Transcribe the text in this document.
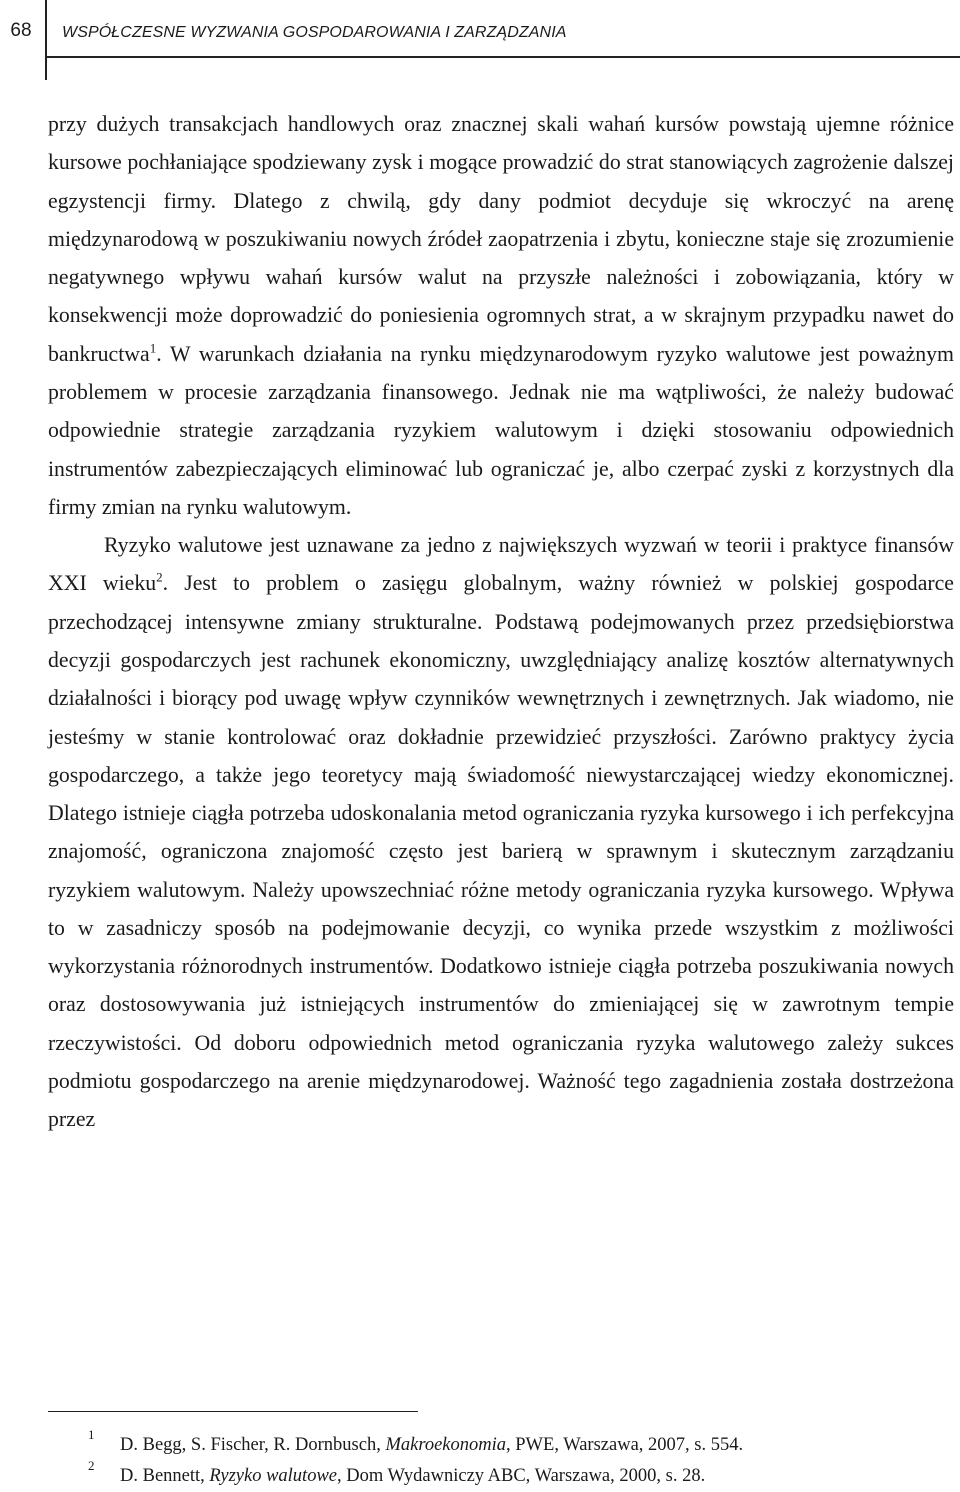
68	WSPÓŁCZESNE WYZWANIA GOSPODAROWANIA I ZARZĄDZANIA

przy dużych transakcjach handlowych oraz znacznej skali wahań kursów powstają ujemne różnice kursowe pochłaniające spodziewany zysk i mogące prowadzić do strat stanowiących zagrożenie dalszej egzystencji firmy. Dlatego z chwilą, gdy dany podmiot decyduje się wkroczyć na arenę międzynarodową w poszukiwaniu nowych źródeł zaopatrzenia i zbytu, konieczne staje się zrozumienie negatywnego wpływu wahań kursów walut na przyszłe należności i zobowiązania, który w konsekwencji może doprowadzić do poniesienia ogromnych strat, a w skrajnym przypadku nawet do bankructwa$^1$. W warunkach działania na rynku międzynarodowym ryzyko walutowe jest poważnym problemem w procesie zarządzania finansowego. Jednak nie ma wątpliwości, że należy budować odpowiednie strategie zarządzania ryzykiem walutowym i dzięki stosowaniu odpowiednich instrumentów zabezpieczających eliminować lub ograniczać je, albo czerpać zyski z korzystnych dla firmy zmian na rynku walutowym.

Ryzyko walutowe jest uznawane za jedno z największych wyzwań w teorii i praktyce finansów XXI wieku$^2$. Jest to problem o zasięgu globalnym, ważny również w polskiej gospodarce przechodzącej intensywne zmiany strukturalne. Podstawą podejmowanych przez przedsiębiorstwa decyzji gospodarczych jest rachunek ekonomiczny, uwzględniający analizę kosztów alternatywnych działalności i biorący pod uwagę wpływ czynników wewnętrznych i zewnętrznych. Jak wiadomo, nie jesteśmy w stanie kontrolować oraz dokładnie przewidzieć przyszłości. Zarówno praktycy życia gospodarczego, a także jego teoretycy mają świadomość niewystarczającej wiedzy ekonomicznej. Dlatego istnieje ciągła potrzeba udoskonalania metod ograniczania ryzyka kursowego i ich perfekcyjna znajomość, ograniczona znajomość często jest barierą w sprawnym i skutecznym zarządzaniu ryzykiem walutowym. Należy upowszechniać różne metody ograniczania ryzyka kursowego. Wpływa to w zasadniczy sposób na podejmowanie decyzji, co wynika przede wszystkim z możliwości wykorzystania różnorodnych instrumentów. Dodatkowo istnieje ciągła potrzeba poszukiwania nowych oraz dostosowywania już istniejących instrumentów do zmieniającej się w zawrotnym tempie rzeczywistości. Od doboru odpowiednich metod ograniczania ryzyka walutowego zależy sukces podmiotu gospodarczego na arenie międzynarodowej. Ważność tego zagadnienia została dostrzeżona przez

1
D. Begg, S. Fischer, R. Dornbusch, Makroekonomia, PWE, Warszawa, 2007, s. 554.
2
D. Bennett, Ryzyko walutowe, Dom Wydawniczy ABC, Warszawa, 2000, s. 28.
